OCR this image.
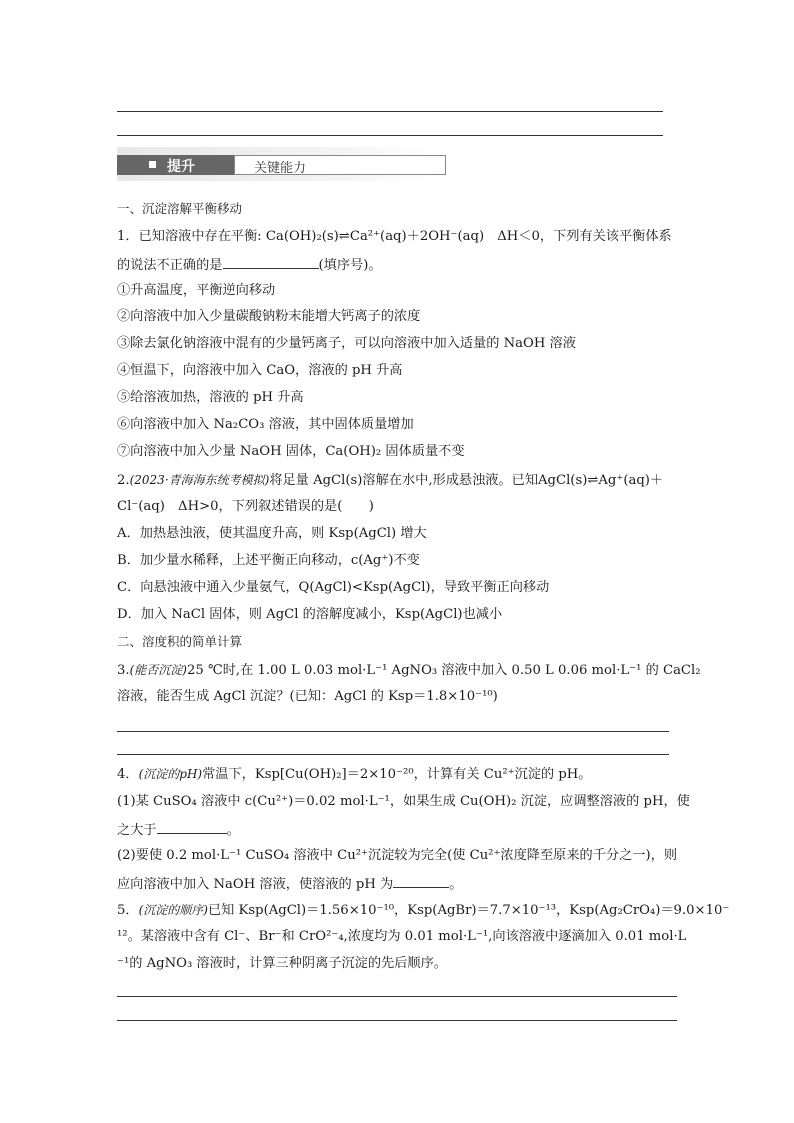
提升	关键能力
一、沉淀溶解平衡移动
1．已知溶液中存在平衡: Ca(OH)₂(s)⇌Ca²⁺(aq)＋2OH⁻(aq)　ΔH＜0，下列有关该平衡体系
的说法不正确的是	(填序号)。
①升高温度，平衡逆向移动
②向溶液中加入少量碳酸钠粉末能增大钙离子的浓度
③除去氯化钠溶液中混有的少量钙离子，可以向溶液中加入适量的 NaOH 溶液
④恒温下，向溶液中加入 CaO，溶液的 pH 升高
⑤给溶液加热，溶液的 pH 升高
⑥向溶液中加入 Na₂CO₃ 溶液，其中固体质量增加
⑦向溶液中加入少量 NaOH 固体，Ca(OH)₂ 固体质量不变
2.(2023·青海海东统考模拟)将足量 AgCl(s)溶解在水中,形成悬浊液。已知AgCl(s)⇌Ag⁺(aq)＋
Cl⁻(aq)　ΔH>0，下列叙述错误的是(　　)
A．加热悬浊液，使其温度升高，则 Ksp(AgCl) 增大
B．加少量水稀释，上述平衡正向移动，c(Ag⁺)不变
C．向悬浊液中通入少量氨气，Q(AgCl)<Ksp(AgCl)，导致平衡正向移动
D．加入 NaCl 固体，则 AgCl 的溶解度减小，Ksp(AgCl)也减小
二、溶度积的简单计算
3.(能否沉淀)25 ℃时,在 1.00 L 0.03 mol·L⁻¹ AgNO₃ 溶液中加入 0.50 L 0.06 mol·L⁻¹ 的 CaCl₂
溶液，能否生成 AgCl 沉淀？(已知：AgCl 的 Ksp＝1.8×10⁻¹⁰)
4．(沉淀的pH)常温下，Ksp[Cu(OH)₂]＝2×10⁻²⁰，计算有关 Cu²⁺沉淀的 pH。
(1)某 CuSO₄ 溶液中 c(Cu²⁺)＝0.02 mol·L⁻¹，如果生成 Cu(OH)₂ 沉淀，应调整溶液的 pH，使
之大于	。
(2)要使 0.2 mol·L⁻¹ CuSO₄ 溶液中 Cu²⁺沉淀较为完全(使 Cu²⁺浓度降至原来的千分之一)，则
应向溶液中加入 NaOH 溶液，使溶液的 pH 为	。
5．(沉淀的顺序)已知 Ksp(AgCl)＝1.56×10⁻¹⁰，Ksp(AgBr)＝7.7×10⁻¹³，Ksp(Ag₂CrO₄)＝9.0×10⁻
¹²。某溶液中含有 Cl⁻、Br⁻和 CrO²⁻₄,浓度均为 0.01 mol·L⁻¹,向该溶液中逐滴加入 0.01 mol·L
⁻¹的 AgNO₃ 溶液时，计算三种阴离子沉淀的先后顺序。
